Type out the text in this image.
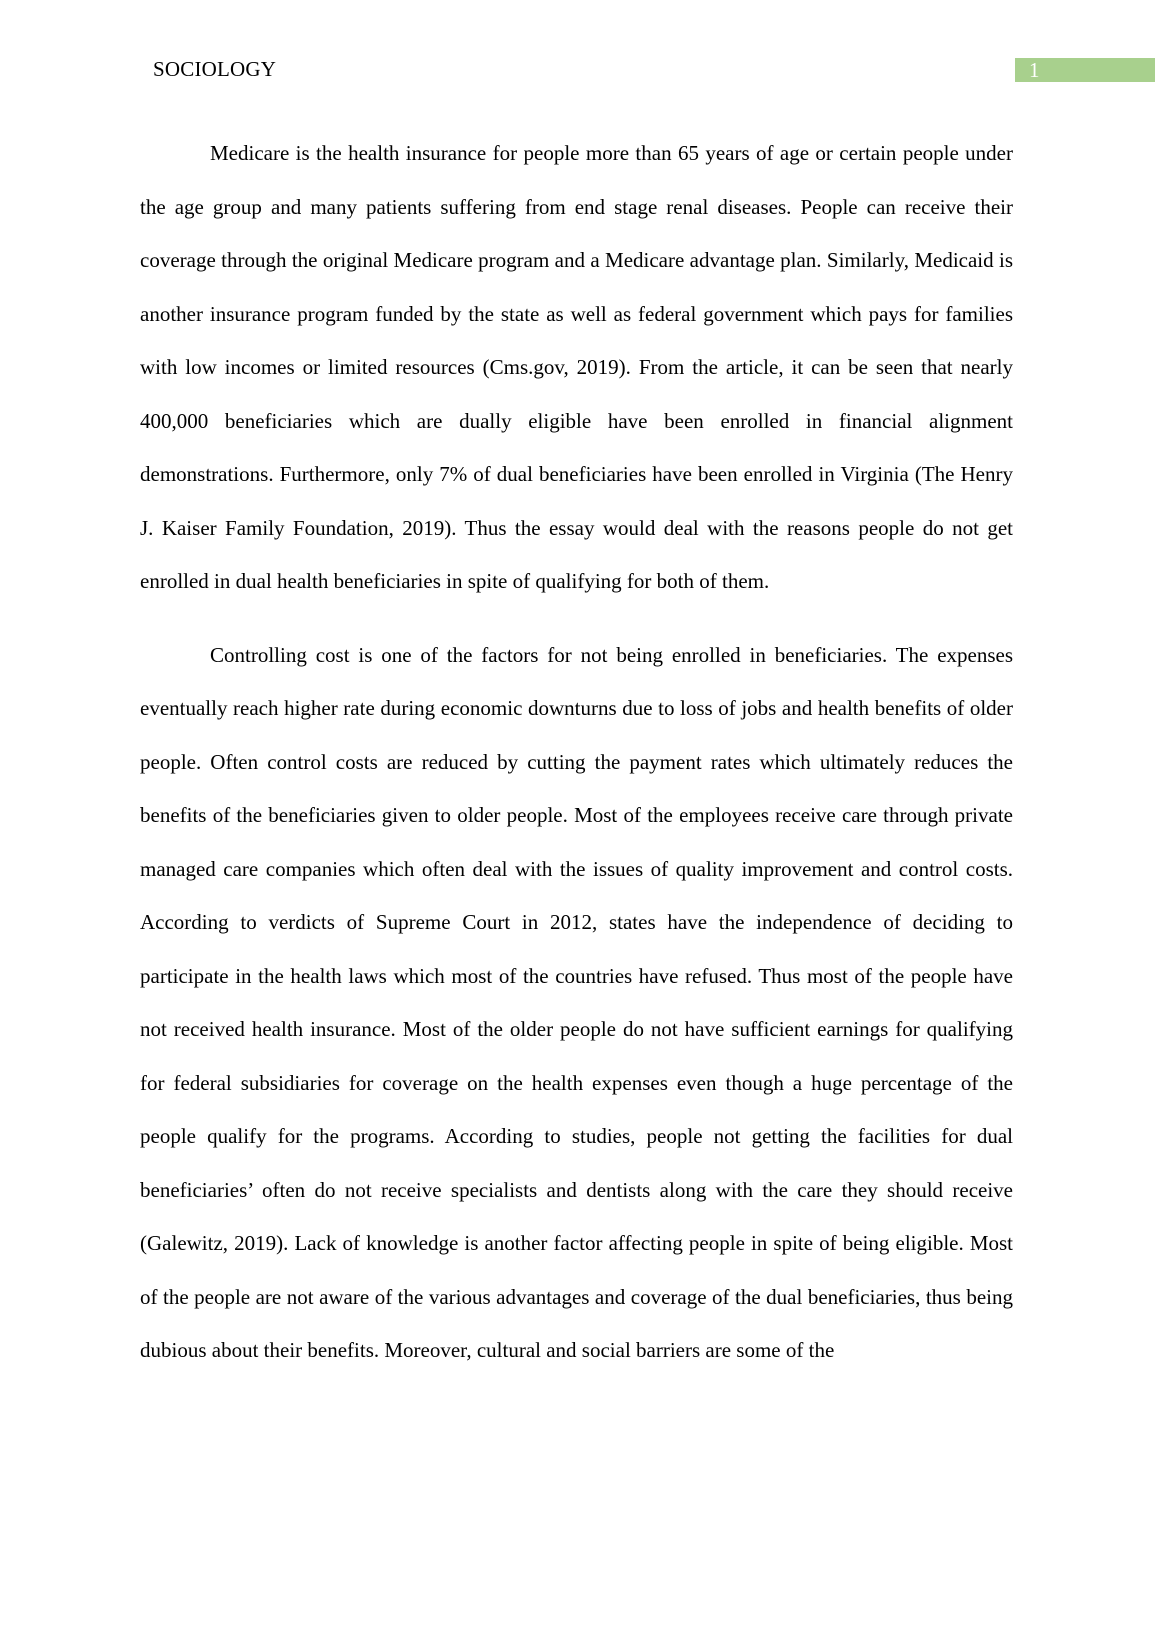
SOCIOLOGY	1

Medicare is the health insurance for people more than 65 years of age or certain people under the age group and many patients suffering from end stage renal diseases. People can receive their coverage through the original Medicare program and a Medicare advantage plan. Similarly, Medicaid is another insurance program funded by the state as well as federal government which pays for families with low incomes or limited resources (Cms.gov, 2019). From the article, it can be seen that nearly 400,000 beneficiaries which are dually eligible have been enrolled in financial alignment demonstrations. Furthermore, only 7% of dual beneficiaries have been enrolled in Virginia (The Henry J. Kaiser Family Foundation, 2019). Thus the essay would deal with the reasons people do not get enrolled in dual health beneficiaries in spite of qualifying for both of them.

Controlling cost is one of the factors for not being enrolled in beneficiaries. The expenses eventually reach higher rate during economic downturns due to loss of jobs and health benefits of older people. Often control costs are reduced by cutting the payment rates which ultimately reduces the benefits of the beneficiaries given to older people. Most of the employees receive care through private managed care companies which often deal with the issues of quality improvement and control costs. According to verdicts of Supreme Court in 2012, states have the independence of deciding to participate in the health laws which most of the countries have refused. Thus most of the people have not received health insurance. Most of the older people do not have sufficient earnings for qualifying for federal subsidiaries for coverage on the health expenses even though a huge percentage of the people qualify for the programs. According to studies, people not getting the facilities for dual beneficiaries’ often do not receive specialists and dentists along with the care they should receive (Galewitz, 2019). Lack of knowledge is another factor affecting people in spite of being eligible. Most of the people are not aware of the various advantages and coverage of the dual beneficiaries, thus being dubious about their benefits. Moreover, cultural and social barriers are some of the
